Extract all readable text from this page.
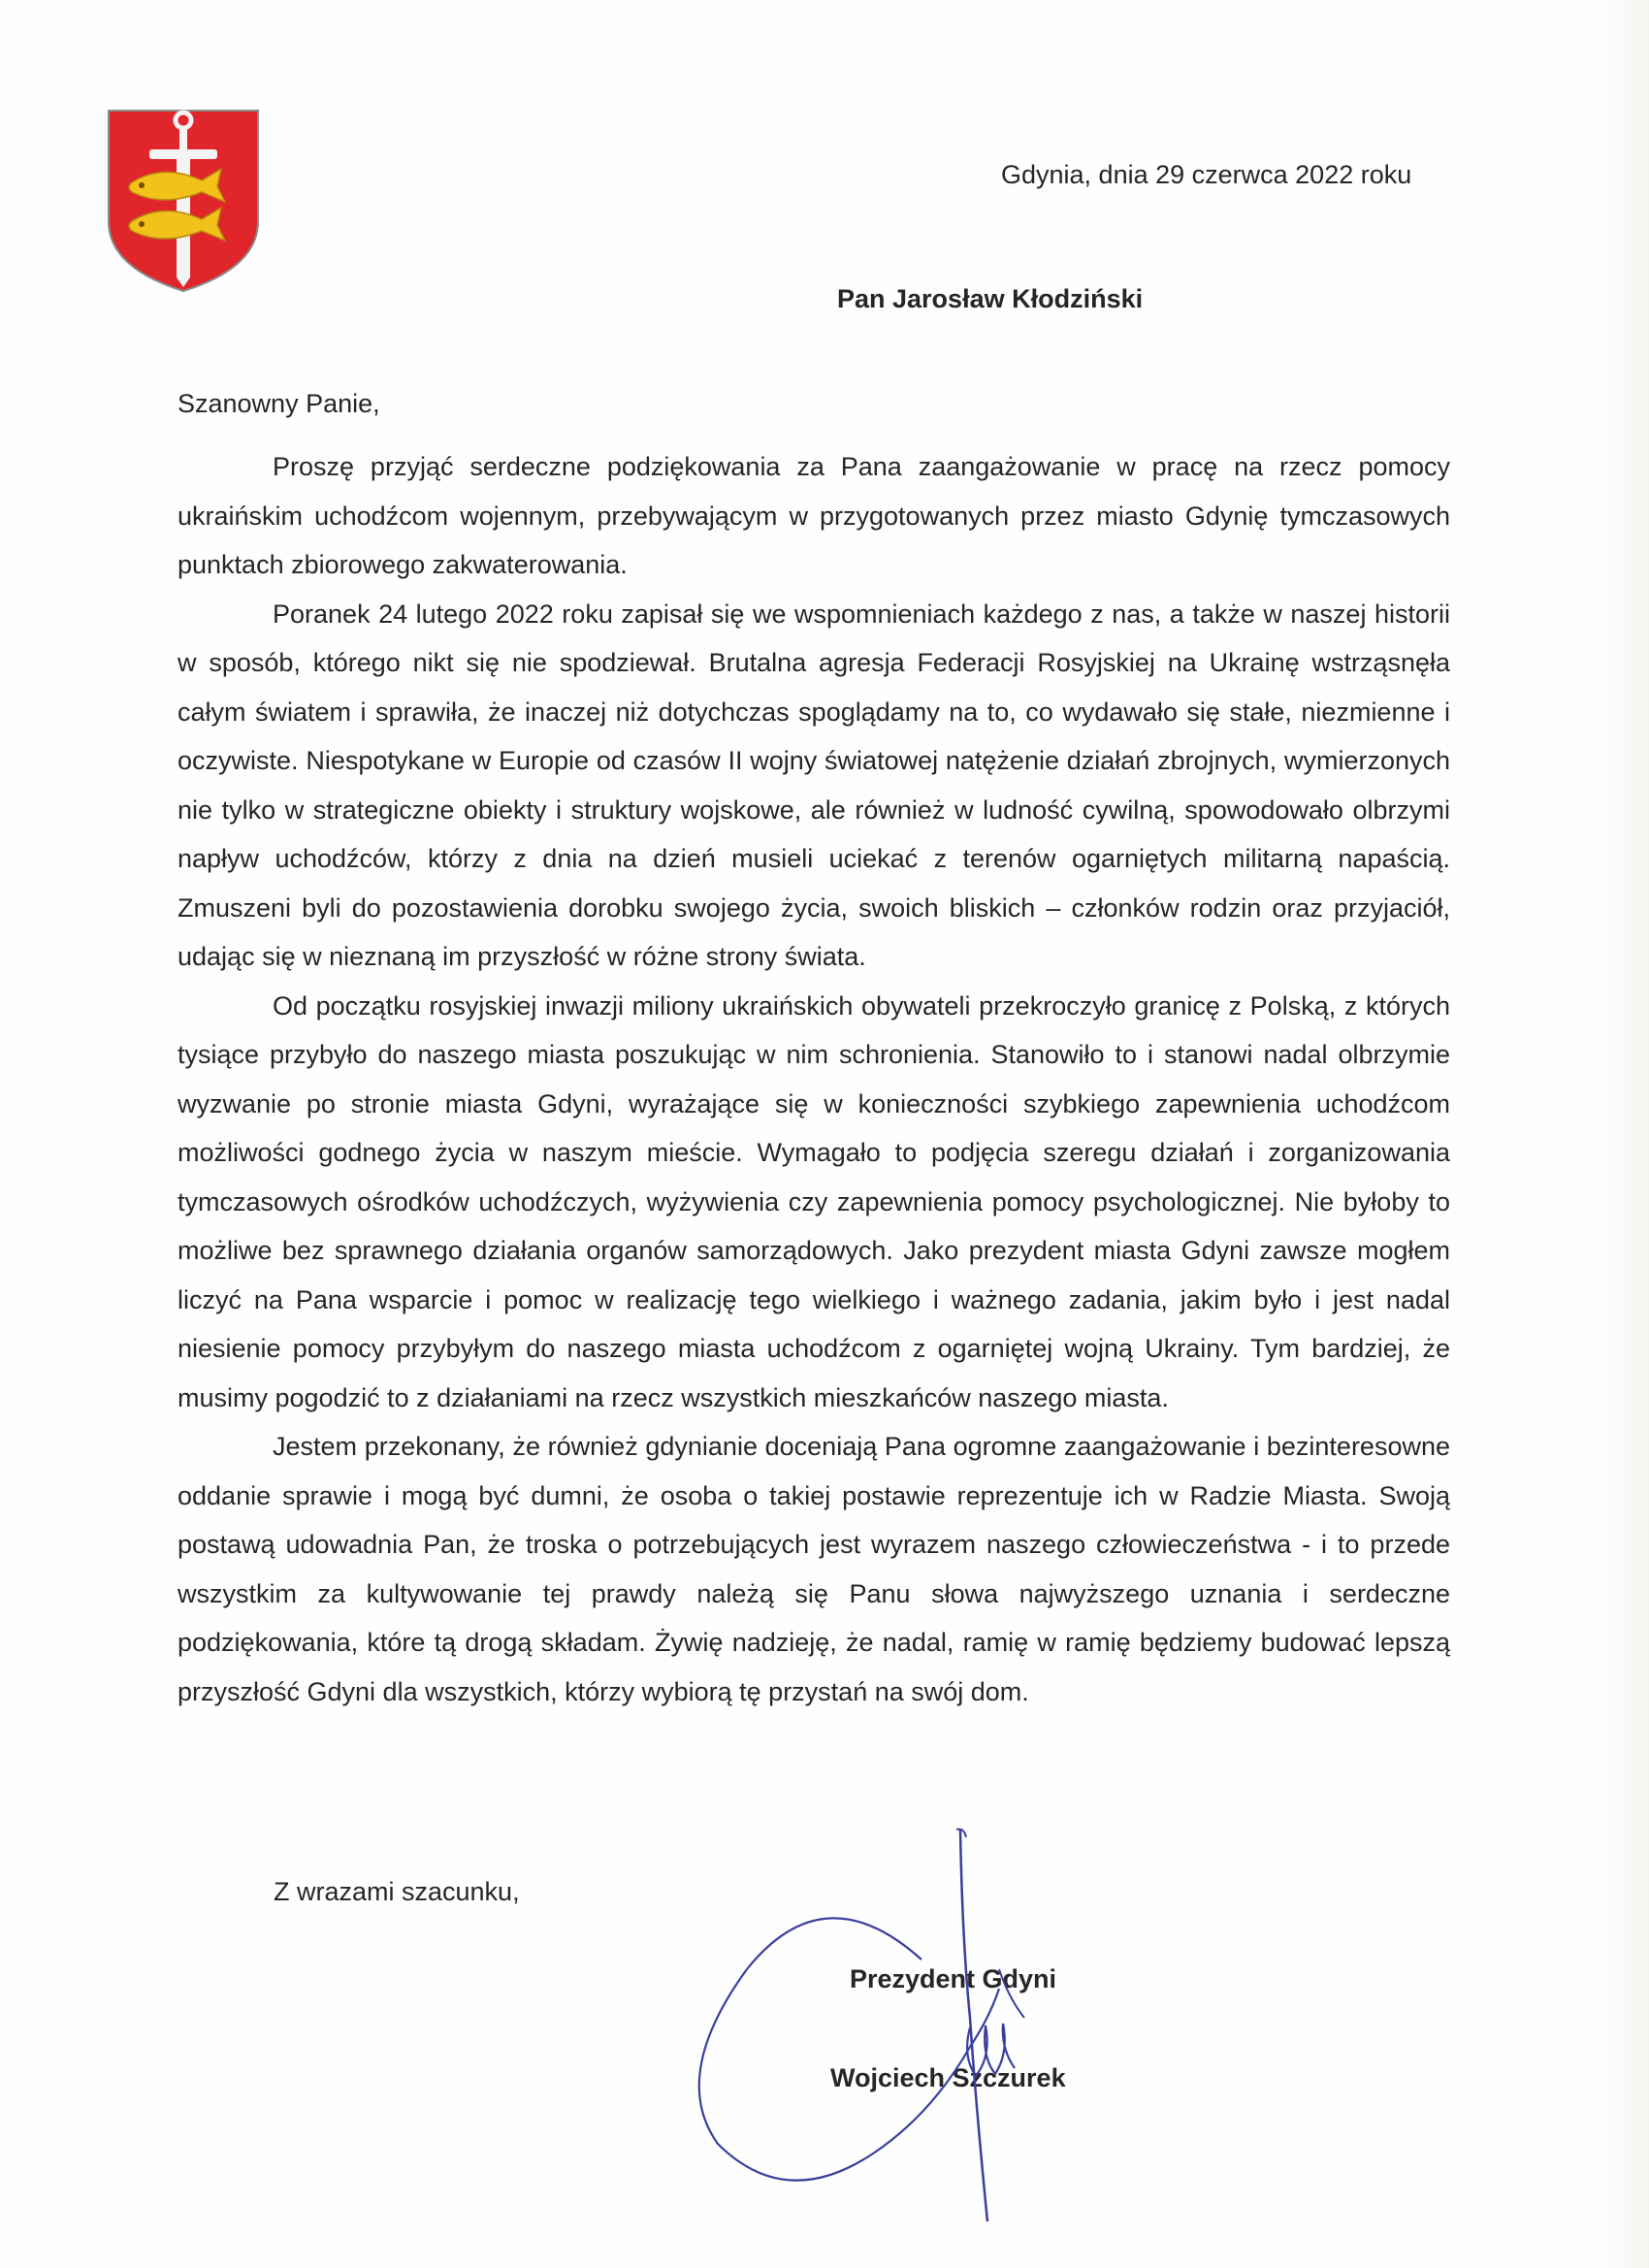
Gdynia, dnia 29 czerwca 2022 roku
Pan Jarosław Kłodziński
Szanowny Panie,

Proszę przyjąć serdeczne podziękowania za Pana zaangażowanie w pracę na rzecz pomocy ukraińskim uchodźcom wojennym, przebywającym w przygotowanych przez miasto Gdynię tymczasowych punktach zbiorowego zakwaterowania.

Poranek 24 lutego 2022 roku zapisał się we wspomnieniach każdego z nas, a także w naszej historii w sposób, którego nikt się nie spodziewał. Brutalna agresja Federacji Rosyjskiej na Ukrainę wstrząsnęła całym światem i sprawiła, że inaczej niż dotychczas spoglądamy na to, co wydawało się stałe, niezmienne i oczywiste. Niespotykane w Europie od czasów II wojny światowej natężenie działań zbrojnych, wymierzonych nie tylko w strategiczne obiekty i struktury wojskowe, ale również w ludność cywilną, spowodowało olbrzymi napływ uchodźców, którzy z dnia na dzień musieli uciekać z terenów ogarniętych militarną napaścią. Zmuszeni byli do pozostawienia dorobku swojego życia, swoich bliskich – członków rodzin oraz przyjaciół, udając się w nieznaną im przyszłość w różne strony świata.

Od początku rosyjskiej inwazji miliony ukraińskich obywateli przekroczyło granicę z Polską, z których tysiące przybyło do naszego miasta poszukując w nim schronienia. Stanowiło to i stanowi nadal olbrzymie wyzwanie po stronie miasta Gdyni, wyrażające się w konieczności szybkiego zapewnienia uchodźcom możliwości godnego życia w naszym mieście. Wymagało to podjęcia szeregu działań i zorganizowania tymczasowych ośrodków uchodźczych, wyżywienia czy zapewnienia pomocy psychologicznej. Nie byłoby to możliwe bez sprawnego działania organów samorządowych. Jako prezydent miasta Gdyni zawsze mogłem liczyć na Pana wsparcie i pomoc w realizację tego wielkiego i ważnego zadania, jakim było i jest nadal niesienie pomocy przybyłym do naszego miasta uchodźcom z ogarniętej wojną Ukrainy. Tym bardziej, że musimy pogodzić to z działaniami na rzecz wszystkich mieszkańców naszego miasta.

Jestem przekonany, że również gdynianie doceniają Pana ogromne zaangażowanie i bezinteresowne oddanie sprawie i mogą być dumni, że osoba o takiej postawie reprezentuje ich w Radzie Miasta. Swoją postawą udowadnia Pan, że troska o potrzebujących jest wyrazem naszego człowieczeństwa - i to przede wszystkim za kultywowanie tej prawdy należą się Panu słowa najwyższego uznania i serdeczne podziękowania, które tą drogą składam. Żywię nadzieję, że nadal, ramię w ramię będziemy budować lepszą przyszłość Gdyni dla wszystkich, którzy wybiorą tę przystań na swój dom.

Z wrazami szacunku,
Prezydent Gdyni
Wojciech Szczurek
